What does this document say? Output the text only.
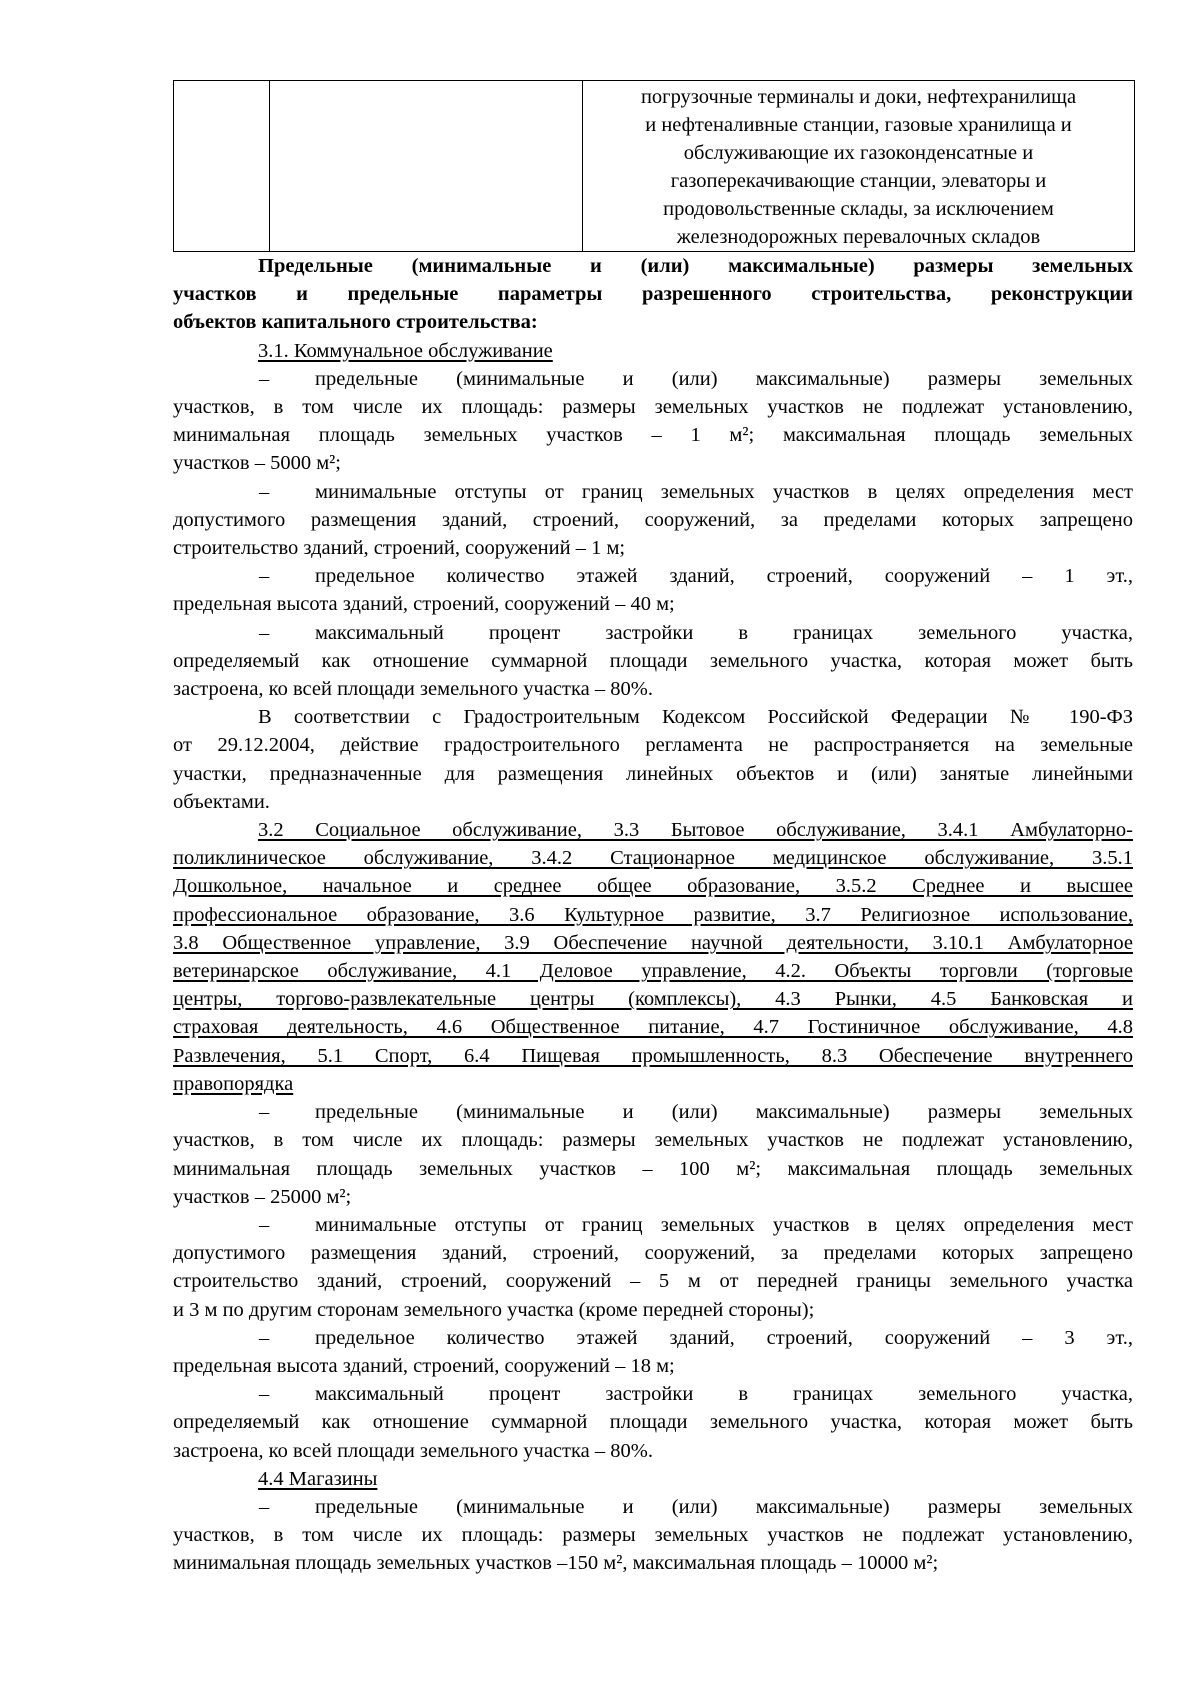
погрузочные терминалы и доки, нефтехранилища
и нефтеналивные станции, газовые хранилища и
обслуживающие их газоконденсатные и
газоперекачивающие станции, элеваторы и
продовольственные склады, за исключением
железнодорожных перевалочных складов
Предельные (минимальные и (или) максимальные) размеры земельных
участков и предельные параметры разрешенного строительства, реконструкции
объектов капитального строительства:
3.1. Коммунальное обслуживание
–	предельные (минимальные и (или) максимальные) размеры земельных
участков, в том числе их площадь: размеры земельных участков не подлежат установлению,
минимальная площадь земельных участков – 1 м²; максимальная площадь земельных
участков – 5000 м²;
–	минимальные отступы от границ земельных участков в целях определения мест
допустимого размещения зданий, строений, сооружений, за пределами которых запрещено
строительство зданий, строений, сооружений – 1 м;
–	предельное количество этажей зданий, строений, сооружений – 1 эт.,
предельная высота зданий, строений, сооружений – 40 м;
–	максимальный процент застройки в границах земельного участка,
определяемый как отношение суммарной площади земельного участка, которая может быть
застроена, ко всей площади земельного участка – 80%.
В соответствии с Градостроительным Кодексом Российской Федерации № 190-ФЗ
от 29.12.2004, действие градостроительного регламента не распространяется на земельные
участки, предназначенные для размещения линейных объектов и (или) занятые линейными
объектами.
3.2 Социальное обслуживание, 3.3 Бытовое обслуживание, 3.4.1 Амбулаторно-
поликлиническое обслуживание, 3.4.2 Стационарное медицинское обслуживание, 3.5.1
Дошкольное, начальное и среднее общее образование, 3.5.2 Среднее и высшее
профессиональное образование, 3.6 Культурное развитие, 3.7 Религиозное использование,
3.8 Общественное управление, 3.9 Обеспечение научной деятельности, 3.10.1 Амбулаторное
ветеринарское обслуживание, 4.1 Деловое управление, 4.2. Объекты торговли (торговые
центры, торгово-развлекательные центры (комплексы), 4.3 Рынки, 4.5 Банковская и
страховая деятельность, 4.6 Общественное питание, 4.7 Гостиничное обслуживание, 4.8
Развлечения, 5.1 Спорт, 6.4 Пищевая промышленность, 8.3 Обеспечение внутреннего
правопорядка
–	предельные (минимальные и (или) максимальные) размеры земельных
участков, в том числе их площадь: размеры земельных участков не подлежат установлению,
минимальная площадь земельных участков – 100 м²; максимальная площадь земельных
участков – 25000 м²;
–	минимальные отступы от границ земельных участков в целях определения мест
допустимого размещения зданий, строений, сооружений, за пределами которых запрещено
строительство зданий, строений, сооружений – 5 м от передней границы земельного участка
и 3 м по другим сторонам земельного участка (кроме передней стороны);
–	предельное количество этажей зданий, строений, сооружений – 3 эт.,
предельная высота зданий, строений, сооружений – 18 м;
–	максимальный процент застройки в границах земельного участка,
определяемый как отношение суммарной площади земельного участка, которая может быть
застроена, ко всей площади земельного участка – 80%.
4.4 Магазины
–	предельные (минимальные и (или) максимальные) размеры земельных
участков, в том числе их площадь: размеры земельных участков не подлежат установлению,
минимальная площадь земельных участков –150 м², максимальная площадь – 10000 м²;
